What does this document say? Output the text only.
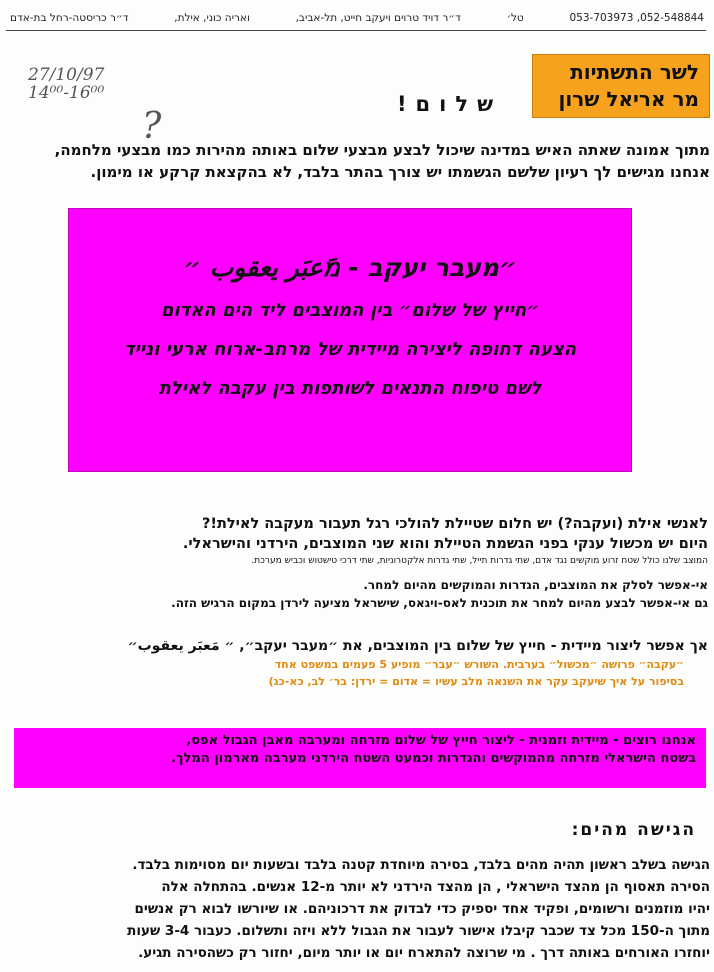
ד״ר כריסטה-רחל בת-אדם	ואריה כוני, אילת,	ד״ר דויד טרוים ויעקב חייט, תל-אביב,	טל׳	053-703973 ,052-548844
לשר התשתיות
מר אריאל שרון
27/10/97
14⁰⁰-16⁰⁰
?
שלום!
מתוך אמונה שאתה האיש במדינה שיכול לבצע מבצעי שלום באותה מהירות כמו מבצעי מלחמה,
אנחנו מגישים לך רעיון שלשם הגשמתו יש צורך בהתר בלבד, לא בהקצאת קרקע או מימון.
״מעבר יעקב - מَعبَر يعقوب ״
״חייץ של שלום״ בין המוצבים ליד הים האדום
הצעה דחופה ליצירה מיידית של מרחב-ארוח ארעי ונייד
לשם טיפוח התנאים לשותפות בין עקבה לאילת
לאנשי אילת (ועקבה?) יש חלום שטיילת להולכי רגל תעבור מעקבה לאילת!?
היום יש מכשול ענקי בפני הגשמת הטיילת והוא שני המוצבים, הירדני והישראלי.
המוצב שלנו כולל שטח זרוע מוקשים נגד אדם, שתי גדרות תייל, שתי גדרות אלקטרוניות, שתי דרכי טישטוש וכביש מערכת.
אי-אפשר לסלק את המוצבים, הגדרות והמוקשים מהיום למחר.
גם אי-אפשר לבצע מהיום למחר את תוכנית לאס-ויגאס, שישראל מציעה לירדן במקום הרגיש הזה.
אך אפשר ליצור מיידית - חייץ של שלום בין המוצבים, את ״מעבר יעקב״, ״ مَعبَر يعقوب״
״עקבה״ פרושה ״מכשול״ בערבית. השורש ״עבר״ מופיע 5 פעמים במשפט אחד
בסיפור על איך שיעקב עקר את השנאה מלב עשיו = אדום = ירדן: בר׳ לב, כא-כג)
אנחנו רוצים - מיידית וזמנית - ליצור חייץ של שלום מזרחה ומערבה מאבן הגבול אפס,
בשטח הישראלי מזרחה מהמוקשים והגדרות וכמעט השטח הירדני מערבה מארמון המלך.
הגישה מהים:
הגישה בשלב ראשון תהיה מהים בלבד, בסירה מיוחדת קטנה בלבד ובשעות יום מסוימות בלבד.
הסירה תאסוף הן מהצד הישראלי , הן מהצד הירדני לא יותר מ-12 אנשים. בהתחלה אלה
יהיו מוזמנים ורשומים, ופקיד אחד יספיק כדי לבדוק את דרכוניהם. או שיורשו לבוא רק אנשים
מתוך ה-150 מכל צד שכבר קיבלו אישור לעבור את הגבול ללא ויזה ותשלום. כעבור 3-4 שעות
יוחזרו האורחים באותה דרך . מי שרוצה להתארח יום או יותר מיום, יחזור רק כשהסירה תגיע.
